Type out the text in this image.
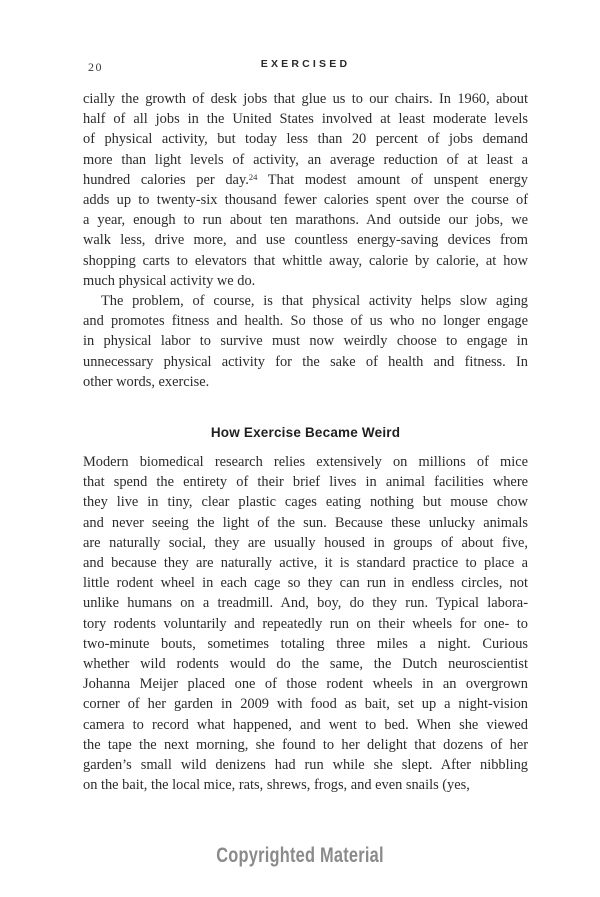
20	EXERCISED
cially the growth of desk jobs that glue us to our chairs. In 1960, about
half of all jobs in the United States involved at least moderate levels
of physical activity, but today less than 20 percent of jobs demand
more than light levels of activity, an average reduction of at least a
hundred calories per day.$^{24}$ That modest amount of unspent energy
adds up to twenty-six thousand fewer calories spent over the course of
a year, enough to run about ten marathons. And outside our jobs, we
walk less, drive more, and use countless energy-saving devices from
shopping carts to elevators that whittle away, calorie by calorie, at how
much physical activity we do.
The problem, of course, is that physical activity helps slow aging
and promotes fitness and health. So those of us who no longer engage
in physical labor to survive must now weirdly choose to engage in
unnecessary physical activity for the sake of health and fitness. In
other words, exercise.
How Exercise Became Weird
Modern biomedical research relies extensively on millions of mice
that spend the entirety of their brief lives in animal facilities where
they live in tiny, clear plastic cages eating nothing but mouse chow
and never seeing the light of the sun. Because these unlucky animals
are naturally social, they are usually housed in groups of about five,
and because they are naturally active, it is standard practice to place a
little rodent wheel in each cage so they can run in endless circles, not
unlike humans on a treadmill. And, boy, do they run. Typical labora-
tory rodents voluntarily and repeatedly run on their wheels for one- to
two-minute bouts, sometimes totaling three miles a night. Curious
whether wild rodents would do the same, the Dutch neuroscientist
Johanna Meijer placed one of those rodent wheels in an overgrown
corner of her garden in 2009 with food as bait, set up a night-vision
camera to record what happened, and went to bed. When she viewed
the tape the next morning, she found to her delight that dozens of her
garden’s small wild denizens had run while she slept. After nibbling
on the bait, the local mice, rats, shrews, frogs, and even snails (yes,
Copyrighted Material
